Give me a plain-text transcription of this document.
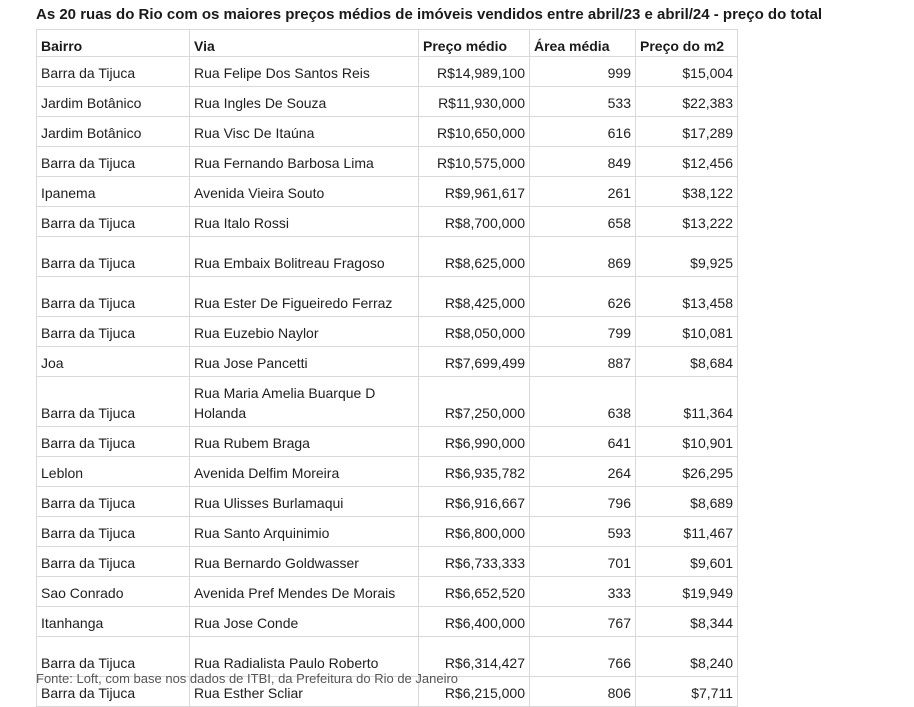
As 20 ruas do Rio com os maiores preços médios de imóveis vendidos entre abril/23 e abril/24 - preço do total
Bairro	Via	Preço médio	Área média	Preço do m2
Barra da Tijuca	Rua Felipe Dos Santos Reis	R$14,989,100	999	$15,004
Jardim Botânico	Rua Ingles De Souza	R$11,930,000	533	$22,383
Jardim Botânico	Rua Visc De Itaúna	R$10,650,000	616	$17,289
Barra da Tijuca	Rua Fernando Barbosa Lima	R$10,575,000	849	$12,456
Ipanema	Avenida Vieira Souto	R$9,961,617	261	$38,122
Barra da Tijuca	Rua Italo Rossi	R$8,700,000	658	$13,222
Barra da Tijuca	Rua Embaix Bolitreau Fragoso	R$8,625,000	869	$9,925
Barra da Tijuca	Rua Ester De Figueiredo Ferraz	R$8,425,000	626	$13,458
Barra da Tijuca	Rua Euzebio Naylor	R$8,050,000	799	$10,081
Joa	Rua Jose Pancetti	R$7,699,499	887	$8,684
Barra da Tijuca	Rua Maria Amelia Buarque D Holanda	R$7,250,000	638	$11,364
Barra da Tijuca	Rua Rubem Braga	R$6,990,000	641	$10,901
Leblon	Avenida Delfim Moreira	R$6,935,782	264	$26,295
Barra da Tijuca	Rua Ulisses Burlamaqui	R$6,916,667	796	$8,689
Barra da Tijuca	Rua Santo Arquinimio	R$6,800,000	593	$11,467
Barra da Tijuca	Rua Bernardo Goldwasser	R$6,733,333	701	$9,601
Sao Conrado	Avenida Pref Mendes De Morais	R$6,652,520	333	$19,949
Itanhanga	Rua Jose Conde	R$6,400,000	767	$8,344
Barra da Tijuca	Rua Radialista Paulo Roberto	R$6,314,427	766	$8,240
Barra da Tijuca	Rua Esther Scliar	R$6,215,000	806	$7,711
Fonte: Loft, com base nos dados de ITBI, da Prefeitura do Rio de Janeiro
